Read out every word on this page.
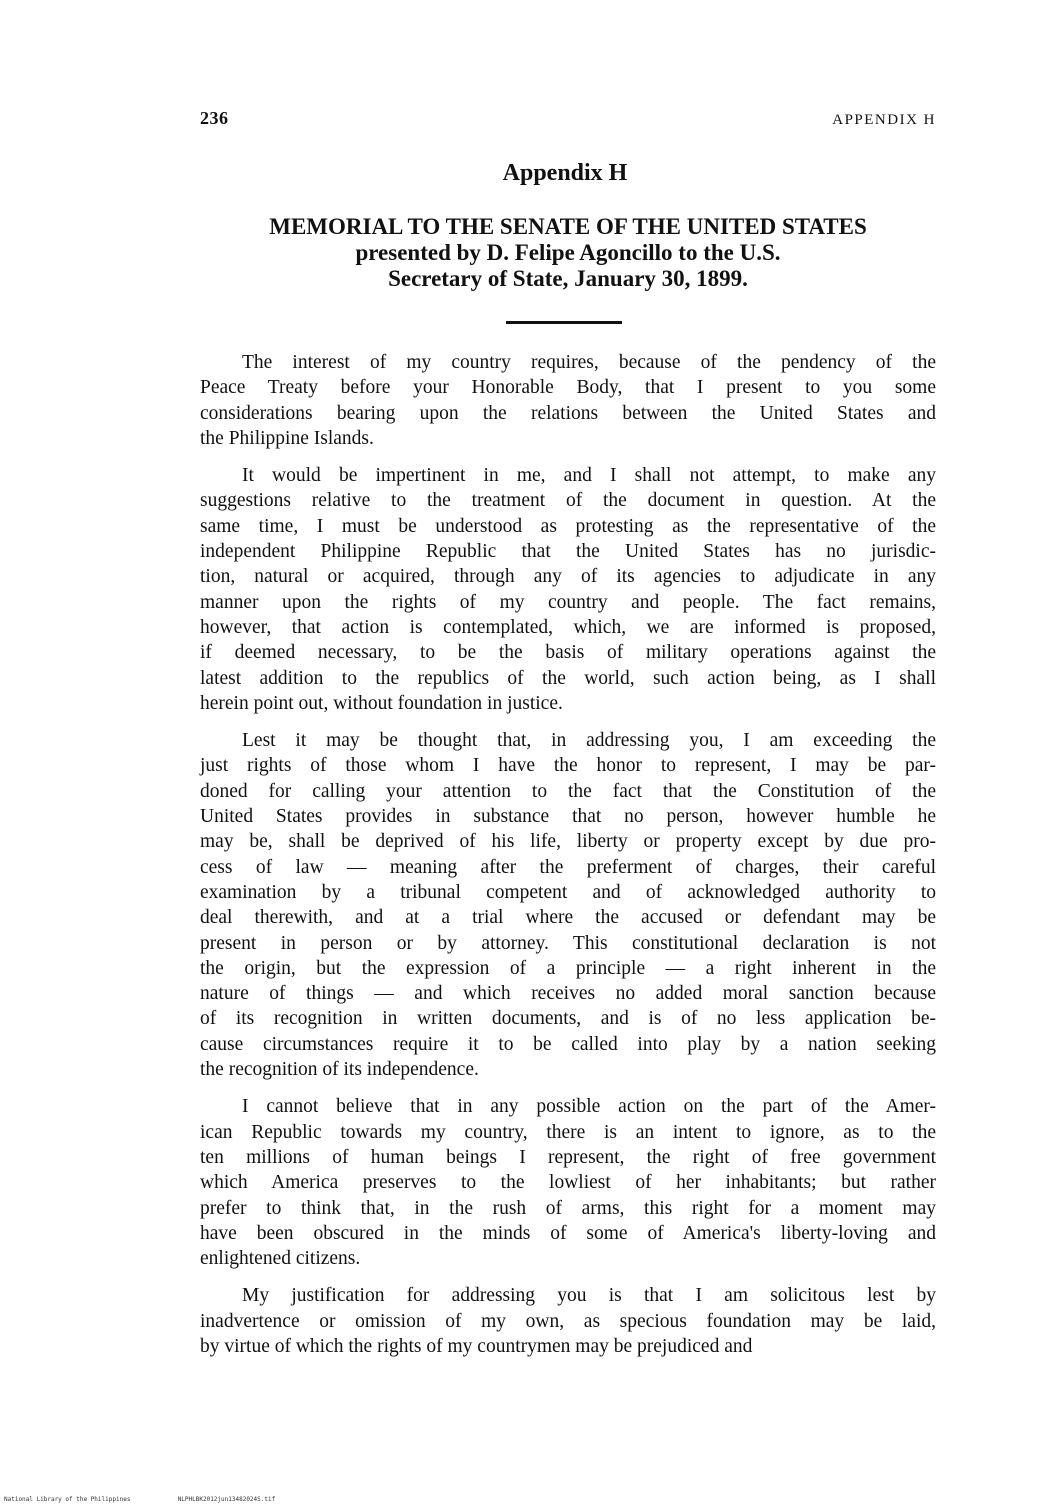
236	APPENDIX H
Appendix H
MEMORIAL TO THE SENATE OF THE UNITED STATES
presented by D. Felipe Agoncillo to the U.S.
Secretary of State, January 30, 1899.
The interest of my country requires, because of the pendency of the
Peace Treaty before your Honorable Body, that I present to you some
considerations bearing upon the relations between the United States and
the Philippine Islands.
It would be impertinent in me, and I shall not attempt, to make any
suggestions relative to the treatment of the document in question. At the
same time, I must be understood as protesting as the representative of the
independent Philippine Republic that the United States has no jurisdic-
tion, natural or acquired, through any of its agencies to adjudicate in any
manner upon the rights of my country and people. The fact remains,
however, that action is contemplated, which, we are informed is proposed,
if deemed necessary, to be the basis of military operations against the
latest addition to the republics of the world, such action being, as I shall
herein point out, without foundation in justice.
Lest it may be thought that, in addressing you, I am exceeding the
just rights of those whom I have the honor to represent, I may be par-
doned for calling your attention to the fact that the Constitution of the
United States provides in substance that no person, however humble he
may be, shall be deprived of his life, liberty or property except by due pro-
cess of law — meaning after the preferment of charges, their careful
examination by a tribunal competent and of acknowledged authority to
deal therewith, and at a trial where the accused or defendant may be
present in person or by attorney. This constitutional declaration is not
the origin, but the expression of a principle — a right inherent in the
nature of things — and which receives no added moral sanction because
of its recognition in written documents, and is of no less application be-
cause circumstances require it to be called into play by a nation seeking
the recognition of its independence.
I cannot believe that in any possible action on the part of the Amer-
ican Republic towards my country, there is an intent to ignore, as to the
ten millions of human beings I represent, the right of free government
which America preserves to the lowliest of her inhabitants; but rather
prefer to think that, in the rush of arms, this right for a moment may
have been obscured in the minds of some of America's liberty-loving and
enlightened citizens.
My justification for addressing you is that I am solicitous lest by
inadvertence or omission of my own, as specious foundation may be laid,
by virtue of which the rights of my countrymen may be prejudiced and
National Library of the Philippines	NLPHLBK2012jun13482024S.tif
